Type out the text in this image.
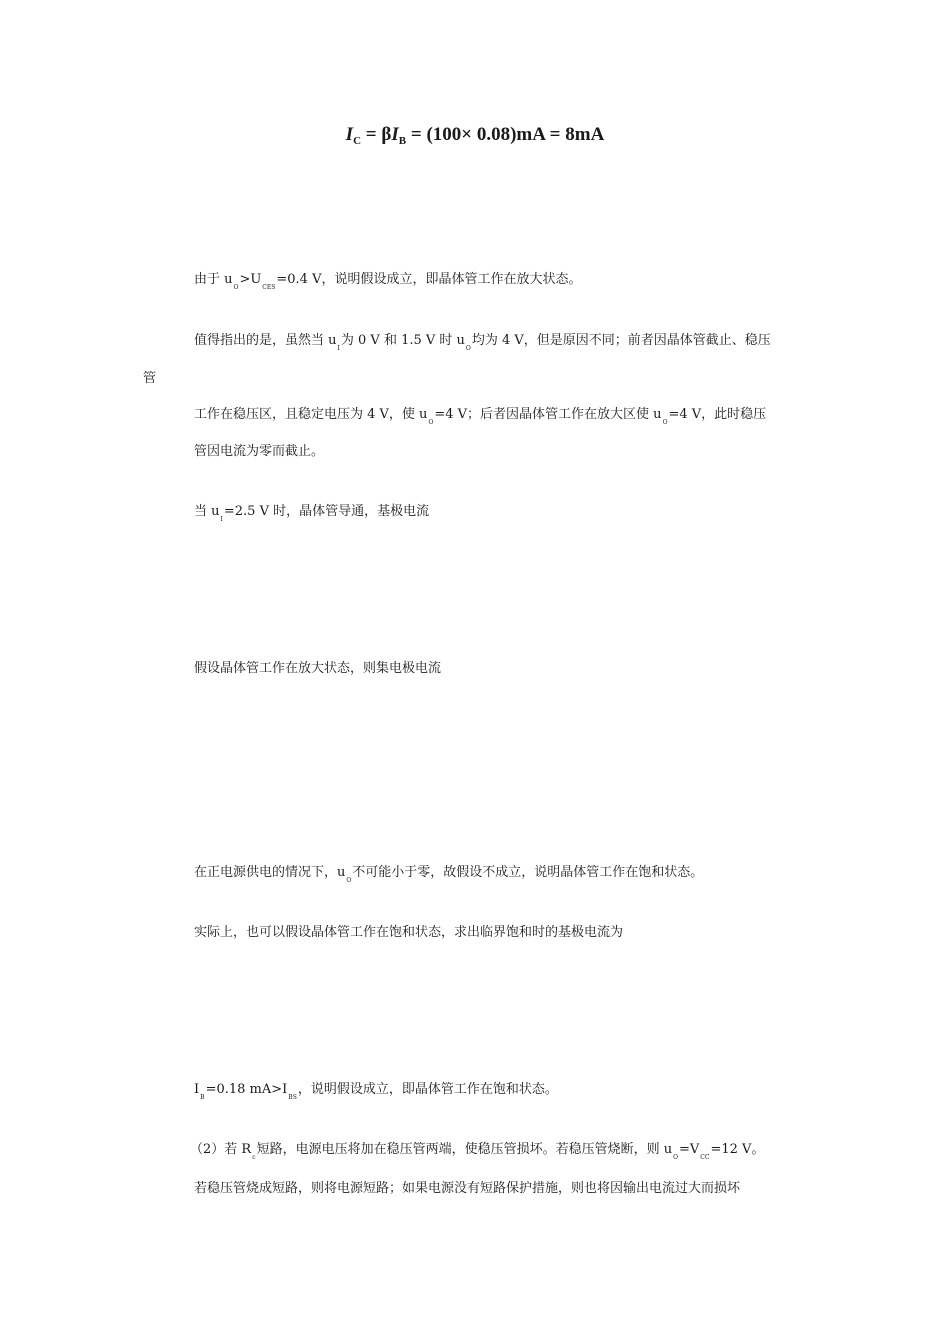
$I_C = \beta I_B = (100\times 0.08)mA = 8mA$
由于 $u_O>U_{CES}=0.4$ V，说明假设成立，即晶体管工作在放大状态。
值得指出的是，虽然当 $u_I$为 0 V 和 1.5 V 时 $u_O$均为 4 V，但是原因不同；前者因晶体管截止、稳压
管
工作在稳压区，且稳定电压为 4 V，使 $u_O=4$ V；后者因晶体管工作在放大区使 $u_O=4$ V，此时稳压
管因电流为零而截止。
当 $u_I=2.5$ V 时，晶体管导通，基极电流
假设晶体管工作在放大状态，则集电极电流
在正电源供电的情况下，$u_O$不可能小于零，故假设不成立，说明晶体管工作在饱和状态。
实际上，也可以假设晶体管工作在饱和状态，求出临界饱和时的基极电流为
$I_B=0.18$ $mA>I_{BS}$，说明假设成立，即晶体管工作在饱和状态。
（2）若 $R_c$短路，电源电压将加在稳压管两端，使稳压管损坏。若稳压管烧断，则 $u_O=V_{CC}=12$ V。
若稳压管烧成短路，则将电源短路；如果电源没有短路保护措施，则也将因输出电流过大而损坏
